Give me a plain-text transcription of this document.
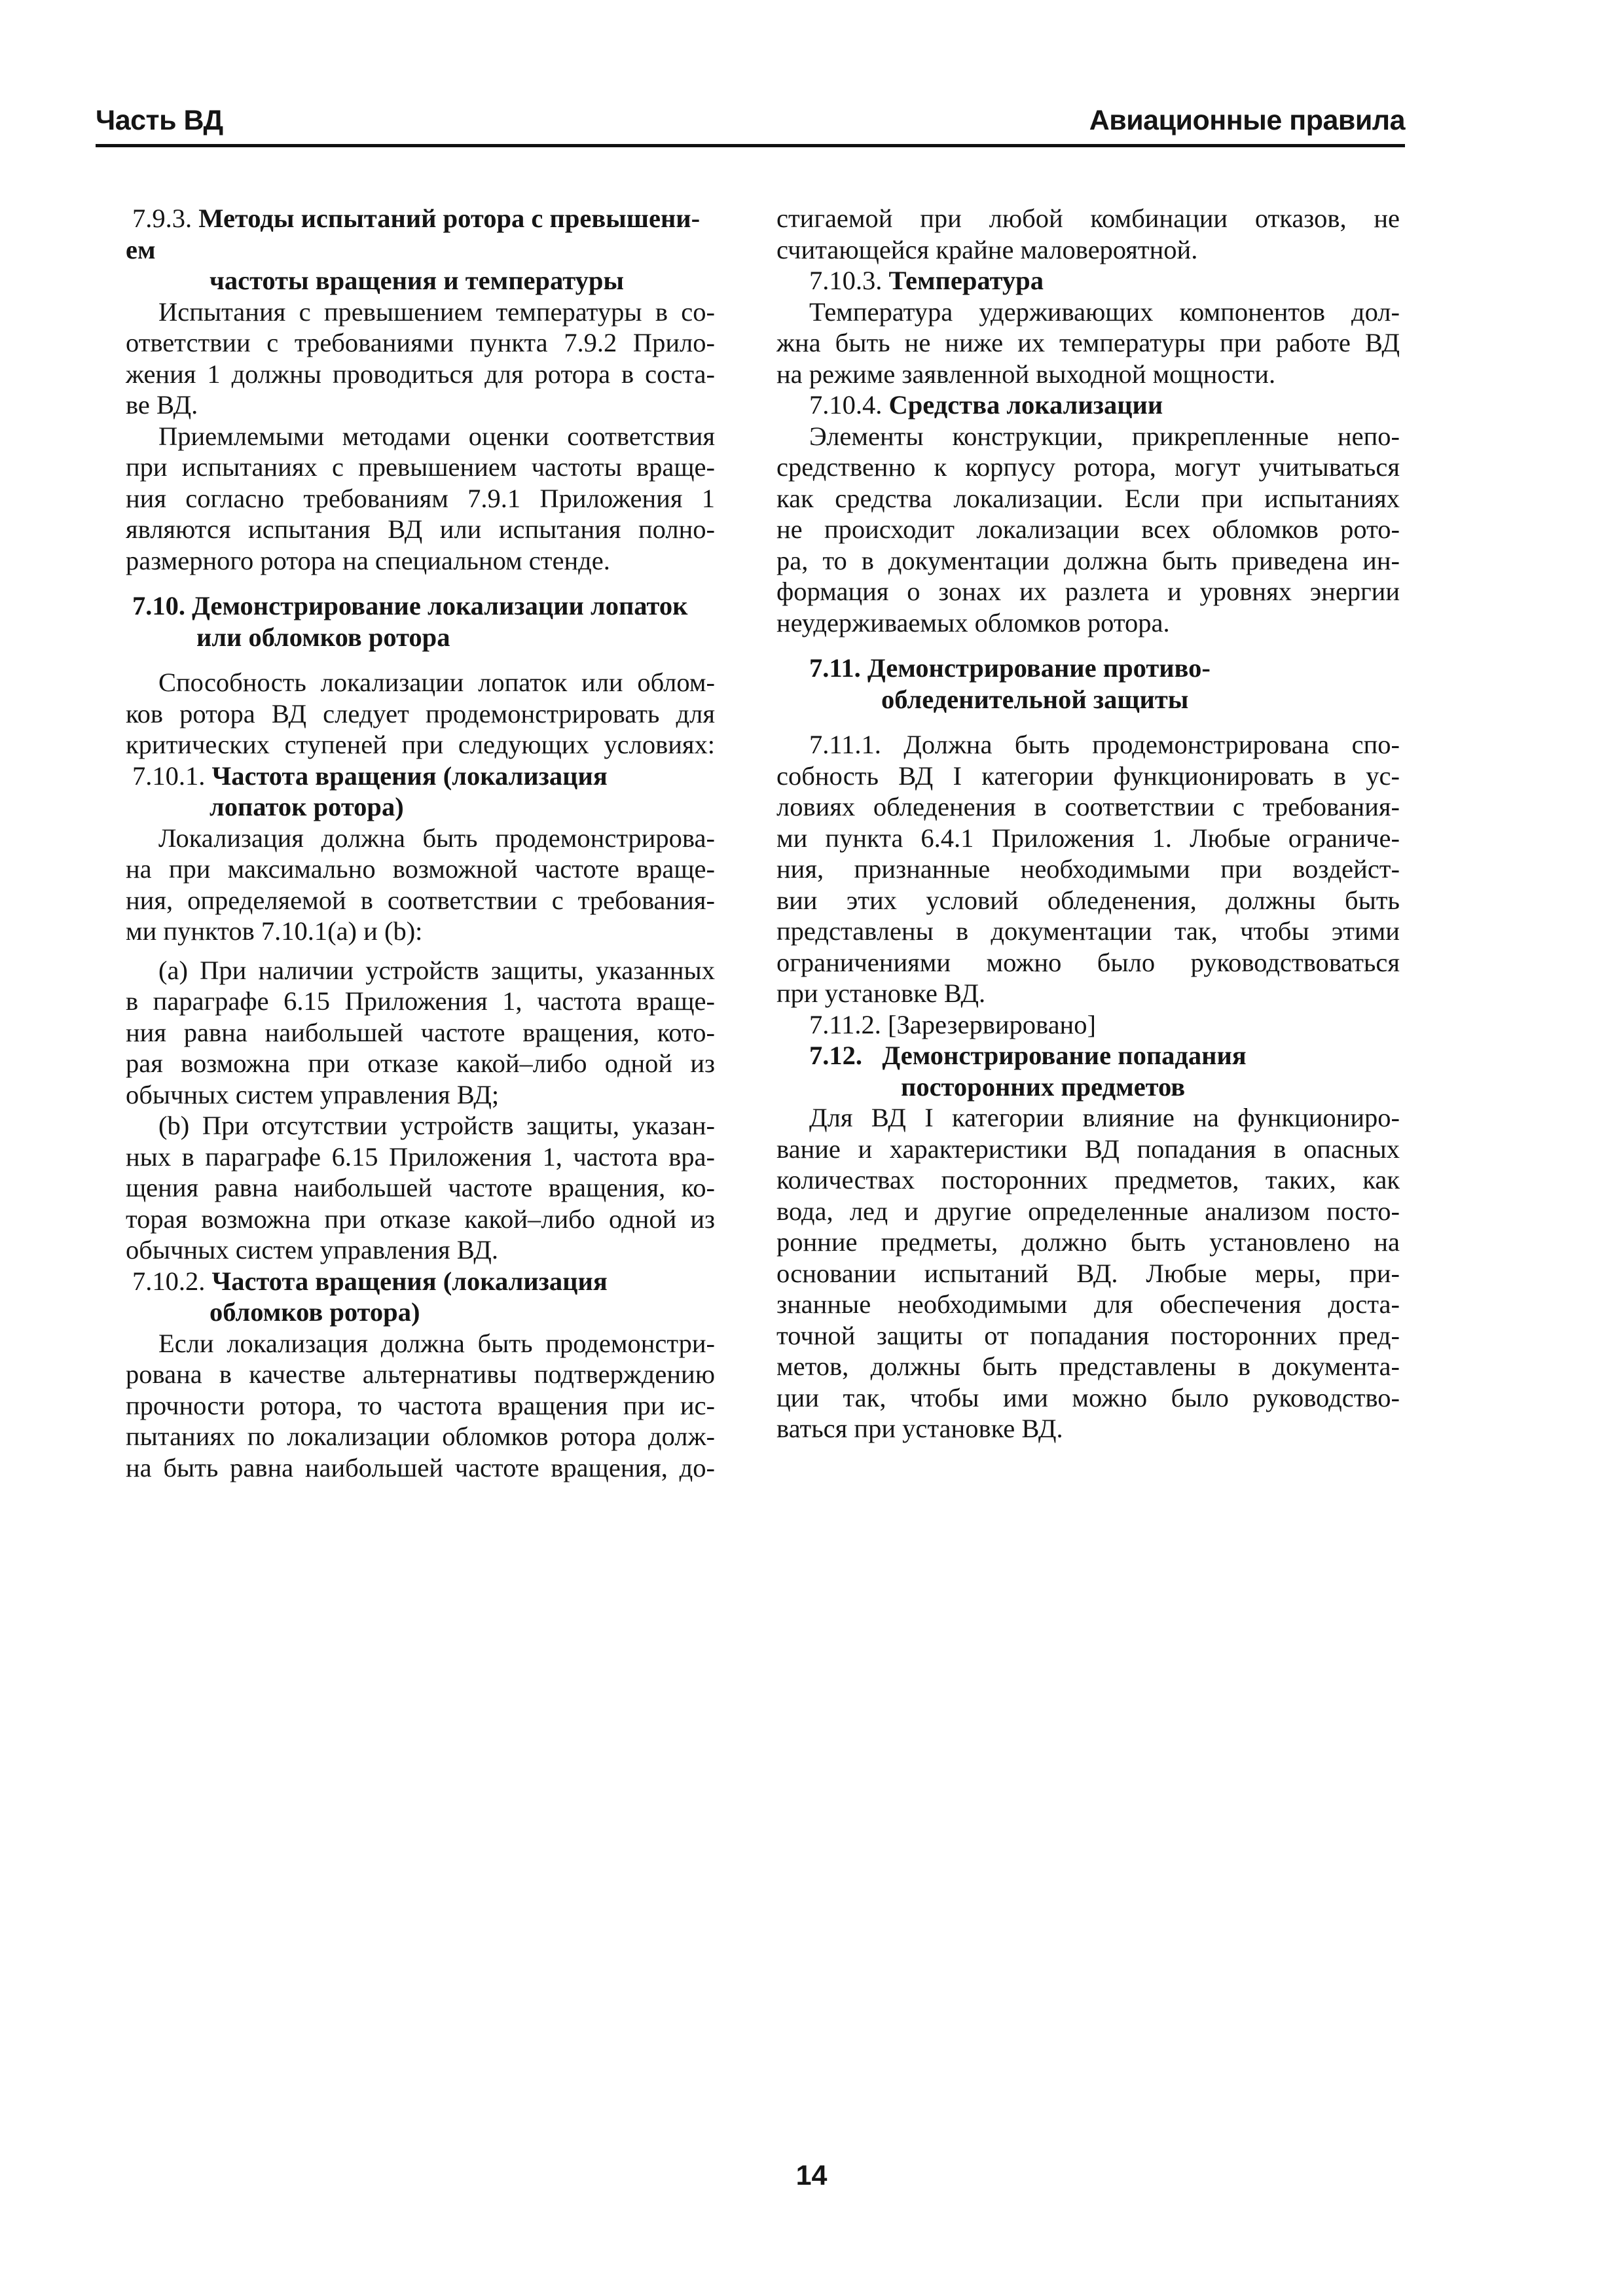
Часть ВД	Авиационные правила
7.9.3. Методы испытаний ротора с превышени-
ем
частоты вращения и температуры
Испытания с превышением температуры в со-
ответствии с требованиями пункта 7.9.2 Прило-
жения 1 должны проводиться для ротора в соста-
ве ВД.
Приемлемыми методами оценки соответствия
при испытаниях с превышением частоты враще-
ния согласно требованиям 7.9.1 Приложения 1
являются испытания ВД или испытания полно-
размерного ротора на специальном стенде.
7.10. Демонстрирование локализации лопаток
или обломков ротора
Способность локализации лопаток или облом-
ков ротора ВД следует продемонстрировать для
критических ступеней при следующих условиях:
7.10.1. Частота вращения (локализация
лопаток ротора)
Локализация должна быть продемонстрирова-
на при максимально возможной частоте враще-
ния, определяемой в соответствии с требования-
ми пунктов 7.10.1(a) и (b):
(a) При наличии устройств защиты, указанных
в параграфе 6.15 Приложения 1, частота враще-
ния равна наибольшей частоте вращения, кото-
рая возможна при отказе какой–либо одной из
обычных систем управления ВД;
(b) При отсутствии устройств защиты, указан-
ных в параграфе 6.15 Приложения 1, частота вра-
щения равна наибольшей частоте вращения, ко-
торая возможна при отказе какой–либо одной из
обычных систем управления ВД.
7.10.2. Частота вращения (локализация
обломков ротора)
Если локализация должна быть продемонстри-
рована в качестве альтернативы подтверждению
прочности ротора, то частота вращения при ис-
пытаниях по локализации обломков ротора долж-
на быть равна наибольшей частоте вращения, до-
стигаемой при любой комбинации отказов, не
считающейся крайне маловероятной.
7.10.3. Температура
Температура удерживающих компонентов дол-
жна быть не ниже их температуры при работе ВД
на режиме заявленной выходной мощности.
7.10.4. Средства локализации
Элементы конструкции, прикрепленные непо-
средственно к корпусу ротора, могут учитываться
как средства локализации. Если при испытаниях
не происходит локализации всех обломков рото-
ра, то в документации должна быть приведена ин-
формация о зонах их разлета и уровнях энергии
неудерживаемых обломков ротора.
7.11. Демонстрирование противо-
обледенительной защиты
7.11.1. Должна быть продемонстрирована спо-
собность ВД I категории функционировать в ус-
ловиях обледенения в соответствии с требования-
ми пункта 6.4.1 Приложения 1. Любые ограниче-
ния, признанные необходимыми при воздейст-
вии этих условий обледенения, должны быть
представлены в документации так, чтобы этими
ограничениями можно было руководствоваться
при установке ВД.
7.11.2. [Зарезервировано]
7.12. Демонстрирование попадания
посторонних предметов
Для ВД I категории влияние на функциониро-
вание и характеристики ВД попадания в опасных
количествах посторонних предметов, таких, как
вода, лед и другие определенные анализом посто-
ронние предметы, должно быть установлено на
основании испытаний ВД. Любые меры, при-
знанные необходимыми для обеспечения доста-
точной защиты от попадания посторонних пред-
метов, должны быть представлены в документа-
ции так, чтобы ими можно было руководство-
ваться при установке ВД.
14
